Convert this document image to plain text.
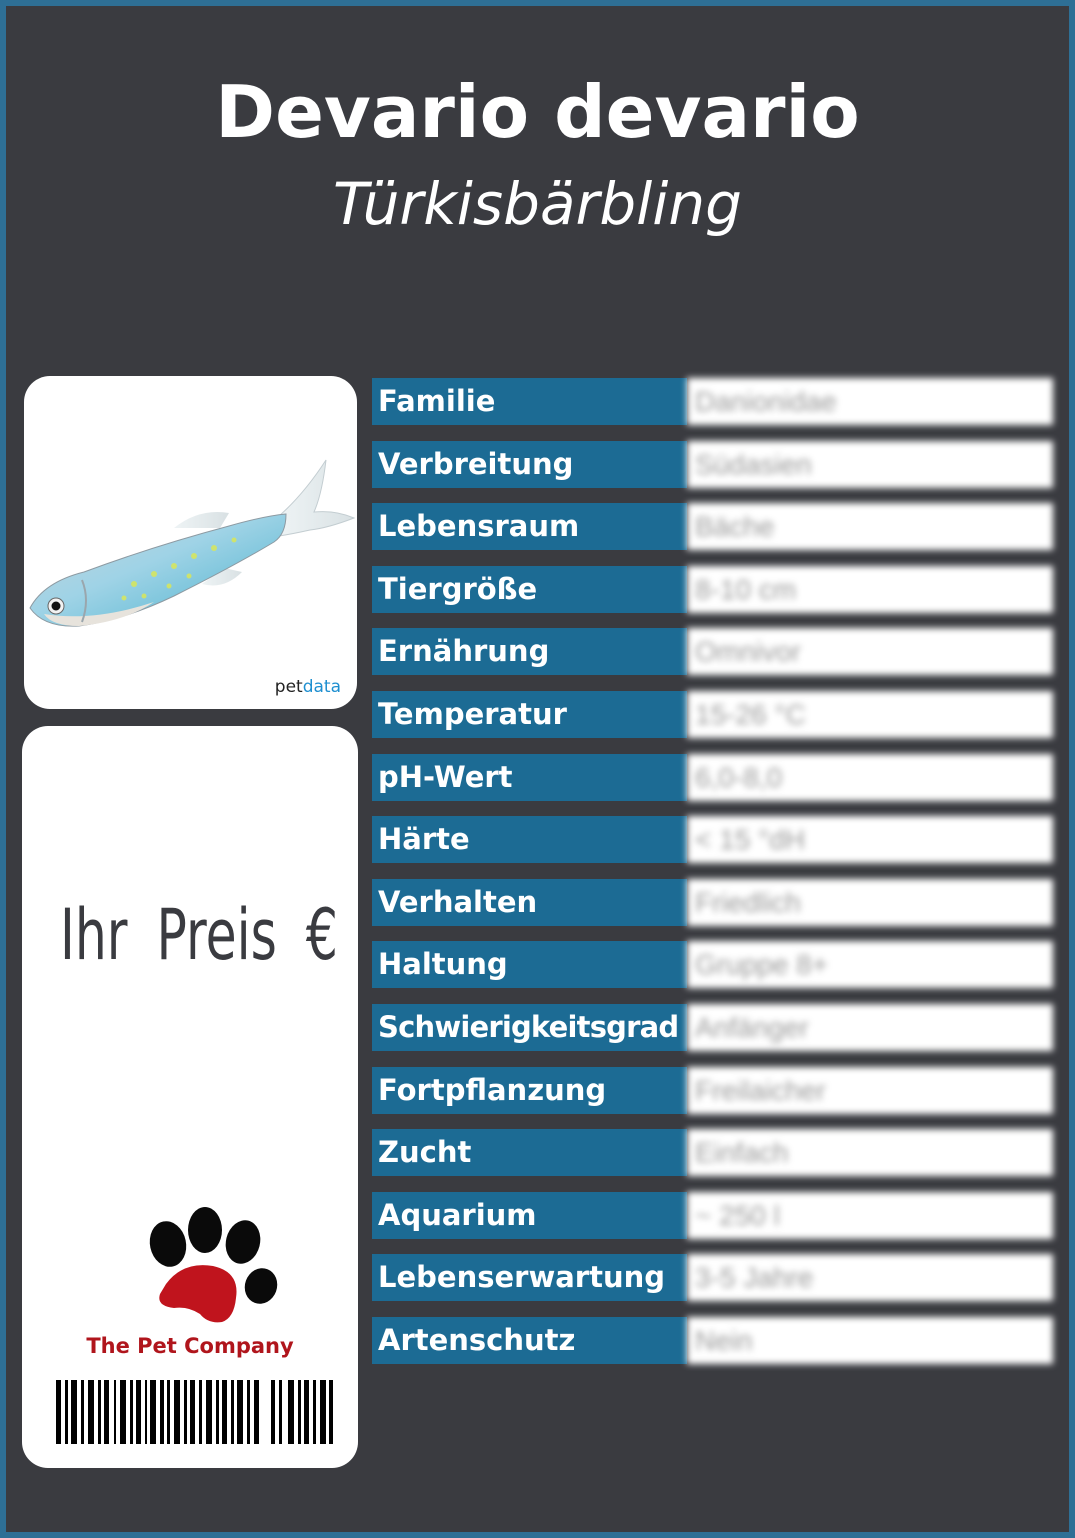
Devario devario
Türkisbärbling
petdata
Ihr Preis €
The Pet Company
Familie	Danionidae
Verbreitung	Südasien
Lebensraum	Bäche
Tiergröße	8-10 cm
Ernährung	Omnivor
Temperatur	15-26 °C
pH-Wert	6,0-8,0
Härte	< 15 °dH
Verhalten	Friedlich
Haltung	Gruppe 8+
Schwierigkeitsgrad Anfänger
Fortpflanzung	Freilaicher
Zucht	Einfach
Aquarium	~ 250 l
Lebenserwartung	3-5 Jahre
Artenschutz	Nein
